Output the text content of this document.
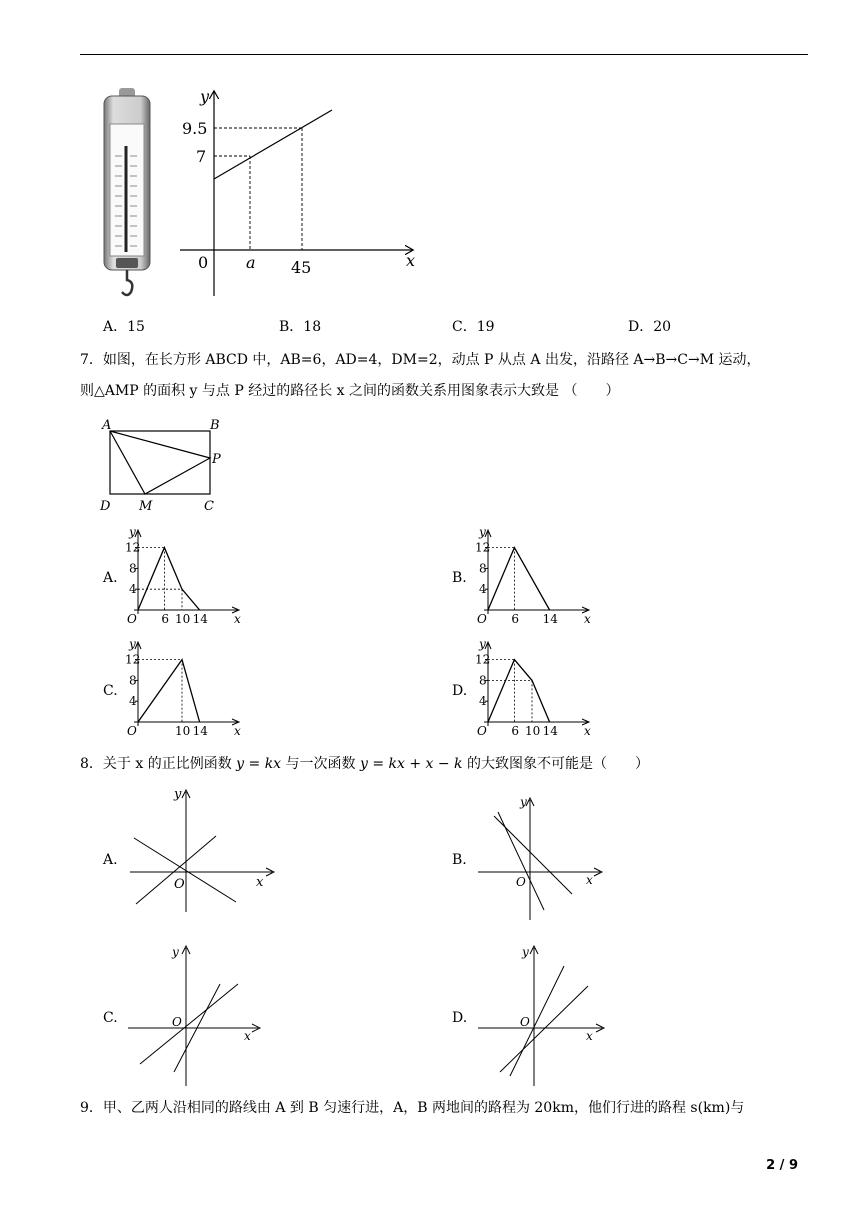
y
x
9.5
7
0 a 45
A．15	B．18	C．19	D．20
7．如图，在长方形 ABCD 中，AB=6，AD=4，DM=2，动点 P 从点 A 出发，沿路径 A→B→C→M 运动，
则△AMP 的面积 y 与点 P 经过的路径长 x 之间的函数关系用图象表示大致是 （　　）
A	B
P
D M	C
A.	B.
C.	D.
12
8
4
y
x
O 6 10 14
12
8
4
y
x
O 6 14
12
8
4
y
x
O	10 14
12
8
4
y
x
O 6 10 14
8．关于 x 的正比例函数 y = kx 与一次函数 y = kx + x − k 的大致图象不可能是（　　）
A.	B.
C.	D.
y
x
O
y
x
O
y
x
O
y
x
O
9．甲、乙两人沿相同的路线由 A 到 B 匀速行进，A，B 两地间的路程为 20km，他们行进的路程 s(km)与
2 / 9
